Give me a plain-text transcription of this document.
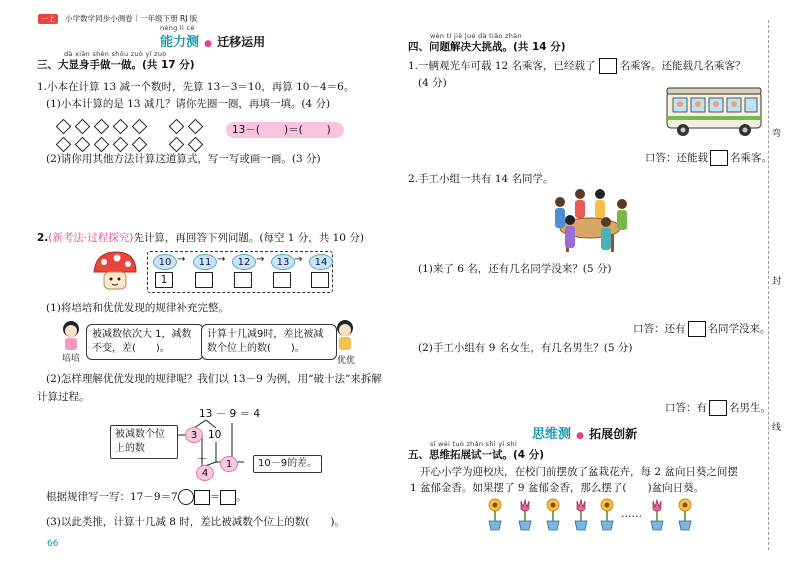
一上 小学数学同步小测卷｜一年级下册 RJ 版
néng lì cè
能力测 ● 迁移运用
dà xiǎn shēn shǒu zuò yī zuò
三、大显身手做一做。(共 17 分)
1.小本在计算 13 减一个数时，先算 13－3＝10，再算 10－4＝6。
(1)小本计算的是 13 减几？请你先圈一圈，再填一填。(4 分)
13－( )＝( )
(2)请你用其他方法计算这道算式，写一写或画一画。(3 分)
2.(新考法·过程探究)先计算，再回答下列问题。(每空 1 分，共 10 分)
10	11	12	13	14
→	→	→	→
1
(1)将培培和优优发现的规律补充完整。
培培
被减数依次大 1，减数
不变，差( )。
计算十几减9时，差比被减
数个位上的数( )。
优优
(2)怎样理解优优发现的规律呢？我们以 13－9 为例，用“破十法”来拆解
计算过程。
13 － 9 ＝ 4
被减数个位
上的数
3	10
＋
4
1	10－9的差。
根据规律写一写：17－9＝7	＝ 。
(3)以此类推，计算十几减 8 时，差比被减数个位上的数(　　)。
66
wèn tí jiě jué dà tiǎo zhàn
四、问题解决大挑战。(共 14 分)
1.一辆观光车可载 12 名乘客，已经载了 名乘客。还能载几名乘客？
(4 分)
口答：还能载 名乘客。
2.手工小组一共有 14 名同学。
(1)来了 6 名，还有几名同学没来？(5 分)
口答：还有 名同学没来。
(2)手工小组有 9 名女生，有几名男生？(5 分)
口答：有 名男生。
思维测 ● 拓展创新
sī wéi tuò zhǎn shì yī shì
五、思维拓展试一试。(4 分)
开心小学为迎校庆，在校门前摆放了盆栽花卉，每 2 盆向日葵之间摆
1 盆郁金香。如果摆了 9 盆郁金香，那么摆了(　　)盆向日葵。
……
弯
封
线
